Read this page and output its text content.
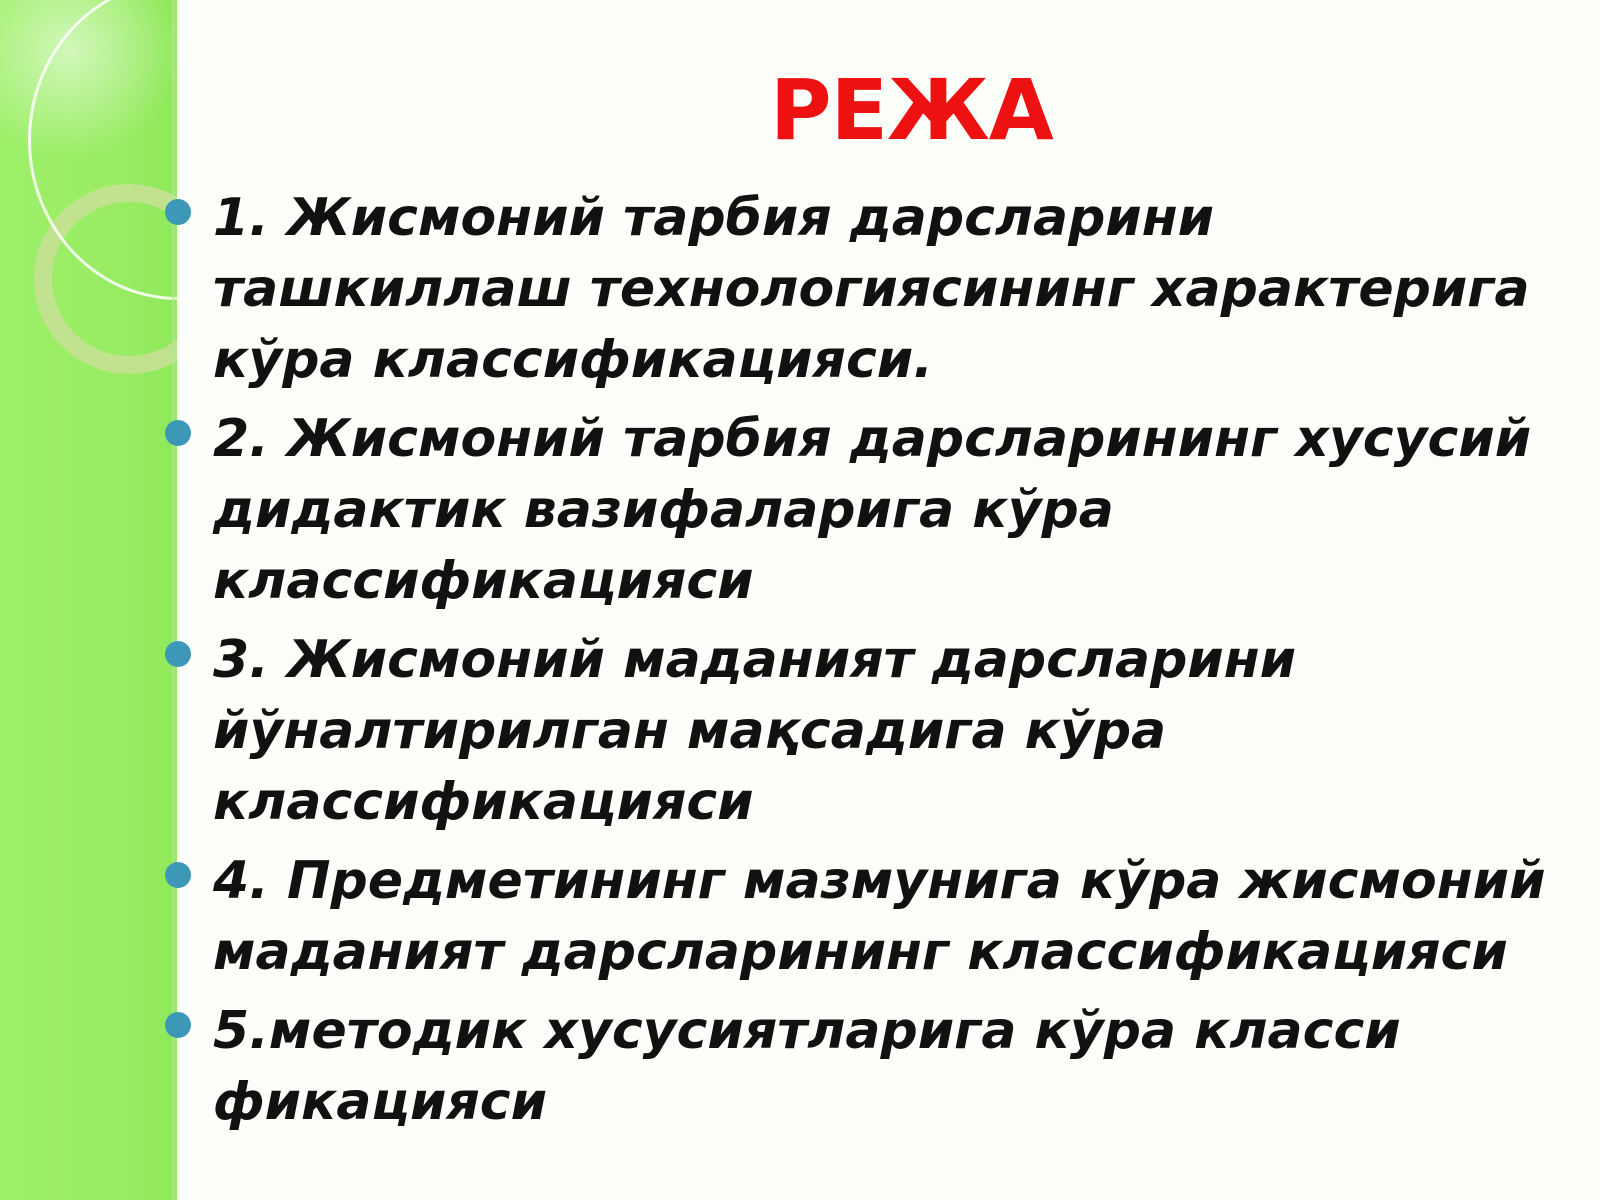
РЕЖА
1. Жисмоний тарбия дарсларини ташкиллаш технологиясининг характерига кўра классификацияси.
2. Жисмоний тарбия дарсларининг хусусий дидактик вазифаларига кўра классификацияси
3. Жисмоний маданият дарсларини йўналтирилган мақсадига кўра классификацияси
4. Предметининг мазмунига кўра жисмоний маданият дарсларининг классификацияси
5.методик хусусиятларига кўра класси фикацияси
